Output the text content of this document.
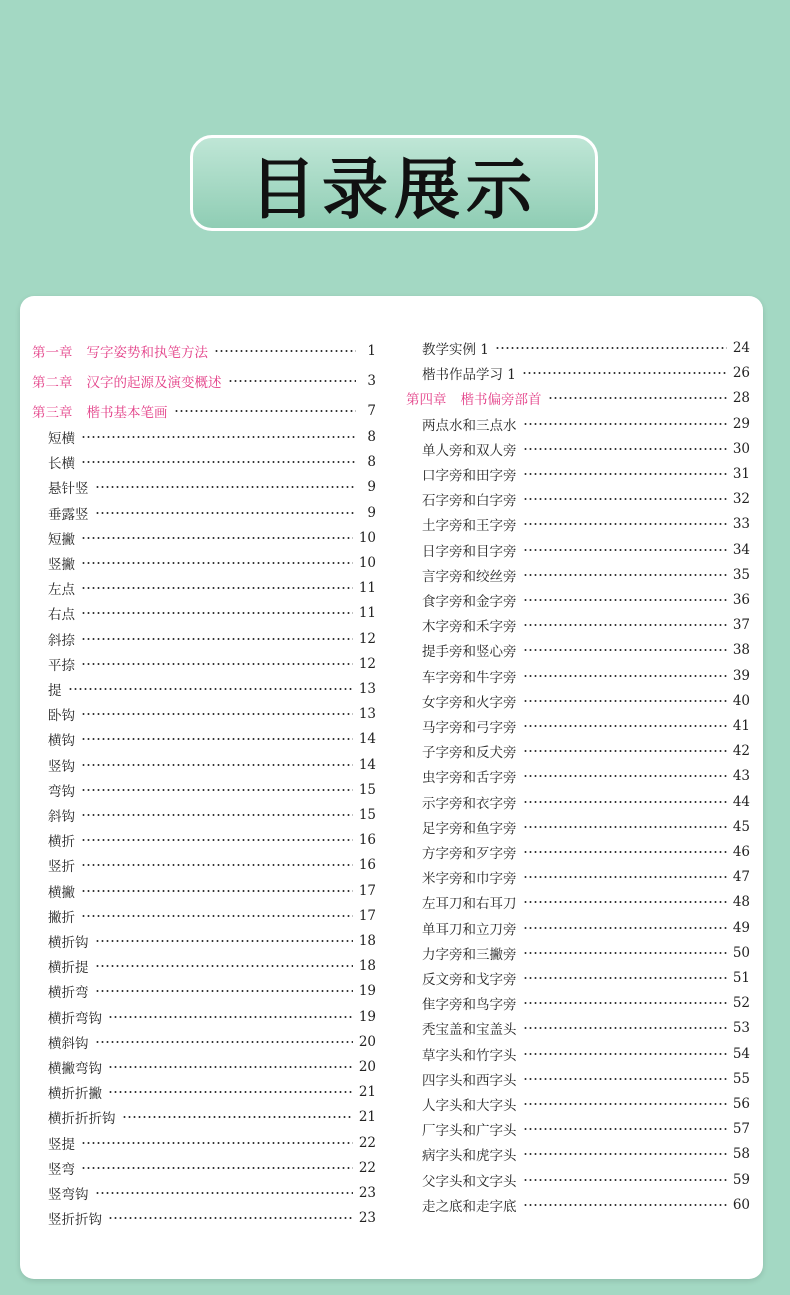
目录展示
第一章 写字姿势和执笔方法	1
第二章 汉字的起源及演变概述	3
第三章 楷书基本笔画	7
短横	8
长横	8
悬针竖	9
垂露竖	9
短撇	10
竖撇	10
左点	11
右点	11
斜捺	12
平捺	12
提	13
卧钩	13
横钩	14
竖钩	14
弯钩	15
斜钩	15
横折	16
竖折	16
横撇	17
撇折	17
横折钩	18
横折提	18
横折弯	19
横折弯钩	19
横斜钩	20
横撇弯钩	20
横折折撇	21
横折折折钩	21
竖提	22
竖弯	22
竖弯钩	23
竖折折钩	23
教学实例 1	24
楷书作品学习 1	26
第四章 楷书偏旁部首	28
两点水和三点水	29
单人旁和双人旁	30
口字旁和田字旁	31
石字旁和白字旁	32
土字旁和王字旁	33
日字旁和目字旁	34
言字旁和绞丝旁	35
食字旁和金字旁	36
木字旁和禾字旁	37
提手旁和竖心旁	38
车字旁和牛字旁	39
女字旁和火字旁	40
马字旁和弓字旁	41
子字旁和反犬旁	42
虫字旁和舌字旁	43
示字旁和衣字旁	44
足字旁和鱼字旁	45
方字旁和歹字旁	46
米字旁和巾字旁	47
左耳刀和右耳刀	48
单耳刀和立刀旁	49
力字旁和三撇旁	50
反文旁和戈字旁	51
隹字旁和鸟字旁	52
秃宝盖和宝盖头	53
草字头和竹字头	54
四字头和西字头	55
人字头和大字头	56
厂字头和广字头	57
病字头和虎字头	58
父字头和文字头	59
走之底和走字底	60
